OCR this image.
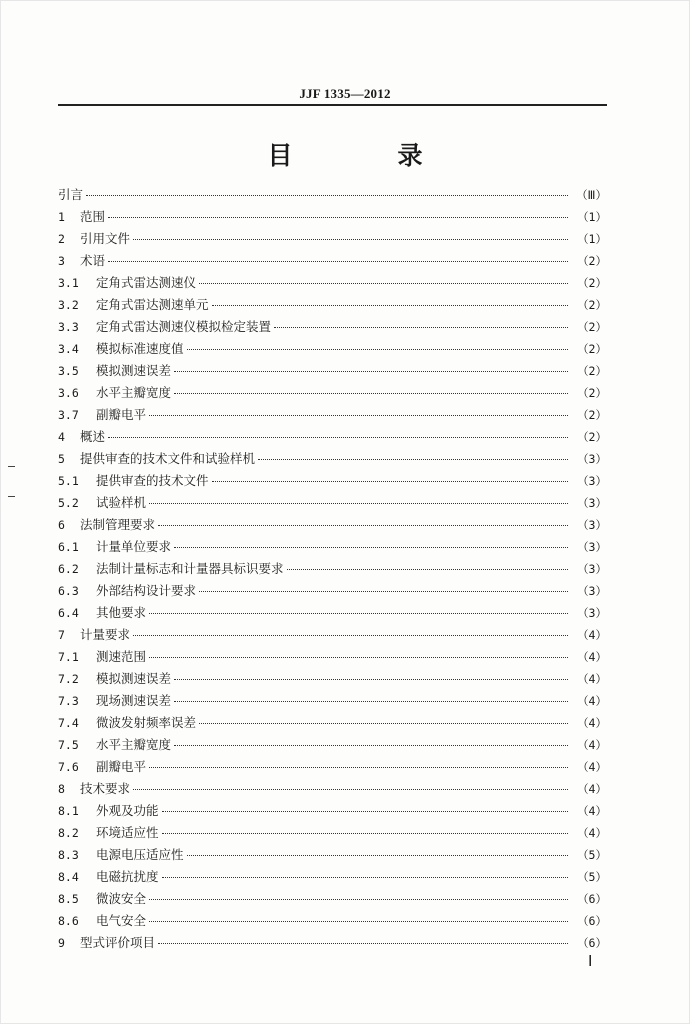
JJF 1335—2012
目　录
引言	（Ⅲ）
1	范围	（1）
2	引用文件	（1）
3	术语	（2）
3.1	定角式雷达测速仪	（2）
3.2	定角式雷达测速单元	（2）
3.3	定角式雷达测速仪模拟检定装置	（2）
3.4	模拟标准速度值	（2）
3.5	模拟测速误差	（2）
3.6	水平主瓣宽度	（2）
3.7	副瓣电平	（2）
4	概述	（2）
5	提供审查的技术文件和试验样机	（3）
5.1	提供审查的技术文件	（3）
5.2	试验样机	（3）
6	法制管理要求	（3）
6.1	计量单位要求	（3）
6.2	法制计量标志和计量器具标识要求	（3）
6.3	外部结构设计要求	（3）
6.4	其他要求	（3）
7	计量要求	（4）
7.1	测速范围	（4）
7.2	模拟测速误差	（4）
7.3	现场测速误差	（4）
7.4	微波发射频率误差	（4）
7.5	水平主瓣宽度	（4）
7.6	副瓣电平	（4）
8	技术要求	（4）
8.1	外观及功能	（4）
8.2	环境适应性	（4）
8.3	电源电压适应性	（5）
8.4	电磁抗扰度	（5）
8.5	微波安全	（6）
8.6	电气安全	（6）
9	型式评价项目	（6）
Ⅰ
